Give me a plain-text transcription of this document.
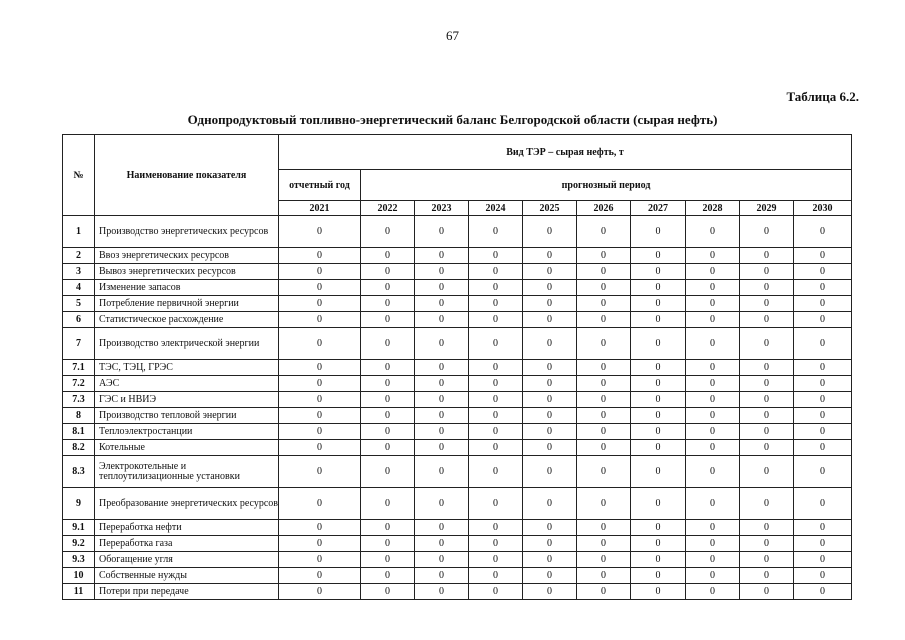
67
Таблица 6.2.
Однопродуктовый топливно-энергетический баланс Белгородской области (сырая нефть)
№	Наименование показателя	Вид ТЭР – сырая нефть, т									
		отчетный год	прогнозный период								
		2021	2022	2023	2024	2025	2026	2027	2028	2029	2030
1	Производство энергетических ресурсов	0	0	0	0	0	0	0	0	0	0
2	Ввоз энергетических ресурсов	0	0	0	0	0	0	0	0	0	0
3	Вывоз энергетических ресурсов	0	0	0	0	0	0	0	0	0	0
4	Изменение запасов	0	0	0	0	0	0	0	0	0	0
5	Потребление первичной энергии	0	0	0	0	0	0	0	0	0	0
6	Статистическое расхождение	0	0	0	0	0	0	0	0	0	0
7	Производство электрической энергии	0	0	0	0	0	0	0	0	0	0
7.1	ТЭС, ТЭЦ, ГРЭС	0	0	0	0	0	0	0	0	0	0
7.2	АЭС	0	0	0	0	0	0	0	0	0	0
7.3	ГЭС и НВИЭ	0	0	0	0	0	0	0	0	0	0
8	Производство тепловой энергии	0	0	0	0	0	0	0	0	0	0
8.1	Теплоэлектростанции	0	0	0	0	0	0	0	0	0	0
8.2	Котельные	0	0	0	0	0	0	0	0	0	0
8.3	Электрокотельные и теплоутилизационные установки	0	0	0	0	0	0	0	0	0	0
9	Преобразование энергетических ресурсов	0	0	0	0	0	0	0	0	0	0
9.1	Переработка нефти	0	0	0	0	0	0	0	0	0	0
9.2	Переработка газа	0	0	0	0	0	0	0	0	0	0
9.3	Обогащение угля	0	0	0	0	0	0	0	0	0	0
10	Собственные нужды	0	0	0	0	0	0	0	0	0	0
11	Потери при передаче	0	0	0	0	0	0	0	0	0	0
